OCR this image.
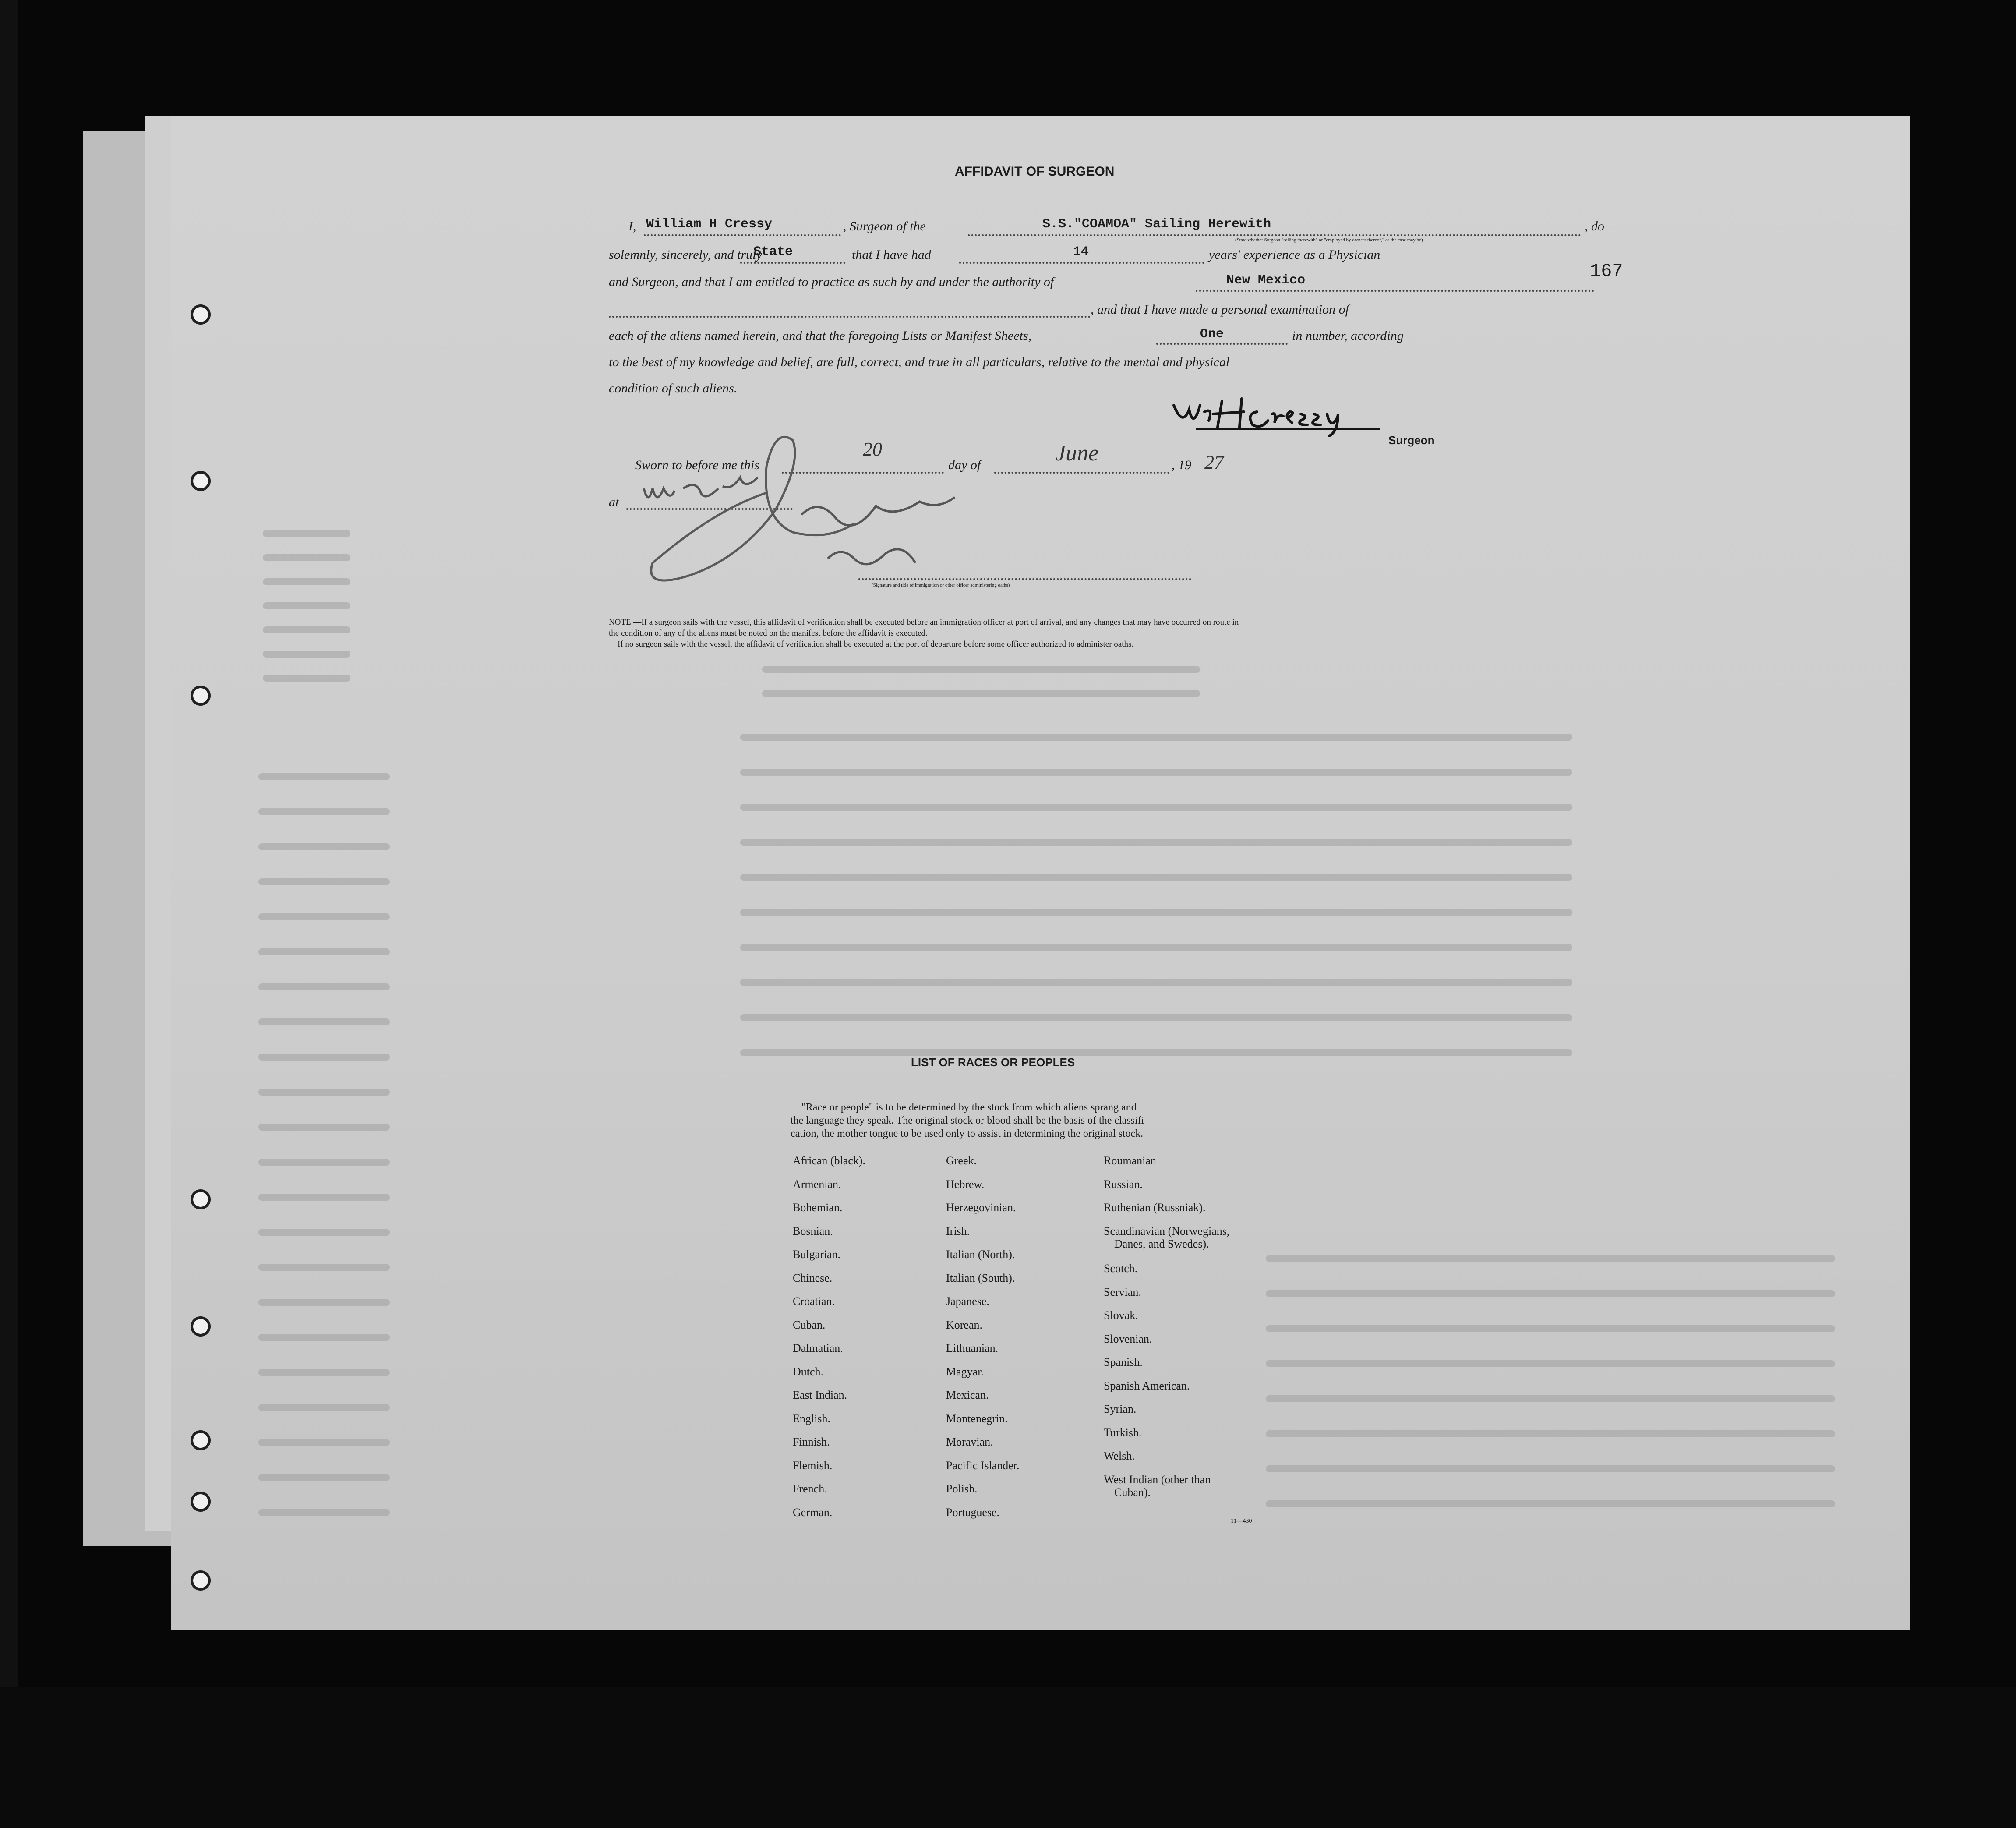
167
AFFIDAVIT OF SURGEON
I, William H Cressy	, Surgeon of the	S.S."COAMOA" Sailing Herewith	, do
(State whether Surgeon "sailing therewith" or "employed by owners thereof," as the case may be)
solemnly, sincerely, and truly
State	that I have had	14	years' experience as a Physician
and Surgeon, and that I am entitled to practice as such by and under the authority of	New Mexico
, and that I have made a personal examination of
each of the aliens named herein, and that the foregoing Lists or Manifest Sheets,	One	in number, according
to the best of my knowledge and belief, are full, correct, and true in all particulars, relative to the mental and physical
condition of such aliens.
Surgeon
Sworn to before me this
20
day of	June	, 19 27
at
(Signature and title of immigration or other officer administering oaths)
NOTE.—If a surgeon sails with the vessel, this affidavit of verification shall be executed before an immigration officer at port of arrival, and any changes that may have occurred on route in
the condition of any of the aliens must be noted on the manifest before the affidavit is executed.
If no surgeon sails with the vessel, the affidavit of verification shall be executed at the port of departure before some officer authorized to administer oaths.
LIST OF RACES OR PEOPLES
"Race or people" is to be determined by the stock from which aliens sprang and
the language they speak. The original stock or blood shall be the basis of the classifi-
cation, the mother tongue to be used only to assist in determining the original stock.
African (black).
Armenian.
Bohemian.
Bosnian.
Bulgarian.
Chinese.
Croatian.
Cuban.
Dalmatian.
Dutch.
East Indian.
English.
Finnish.
Flemish.
French.
German.
Greek.
Hebrew.
Herzegovinian.
Irish.
Italian (North).
Italian (South).
Japanese.
Korean.
Lithuanian.
Magyar.
Mexican.
Montenegrin.
Moravian.
Pacific Islander.
Polish.
Portuguese.
Roumanian
Russian.
Ruthenian (Russniak).
Scandinavian (Norwegians,
Danes, and Swedes).
Scotch.
Servian.
Slovak.
Slovenian.
Spanish.
Spanish American.
Syrian.
Turkish.
Welsh.
West Indian (other than
Cuban).
11—430
